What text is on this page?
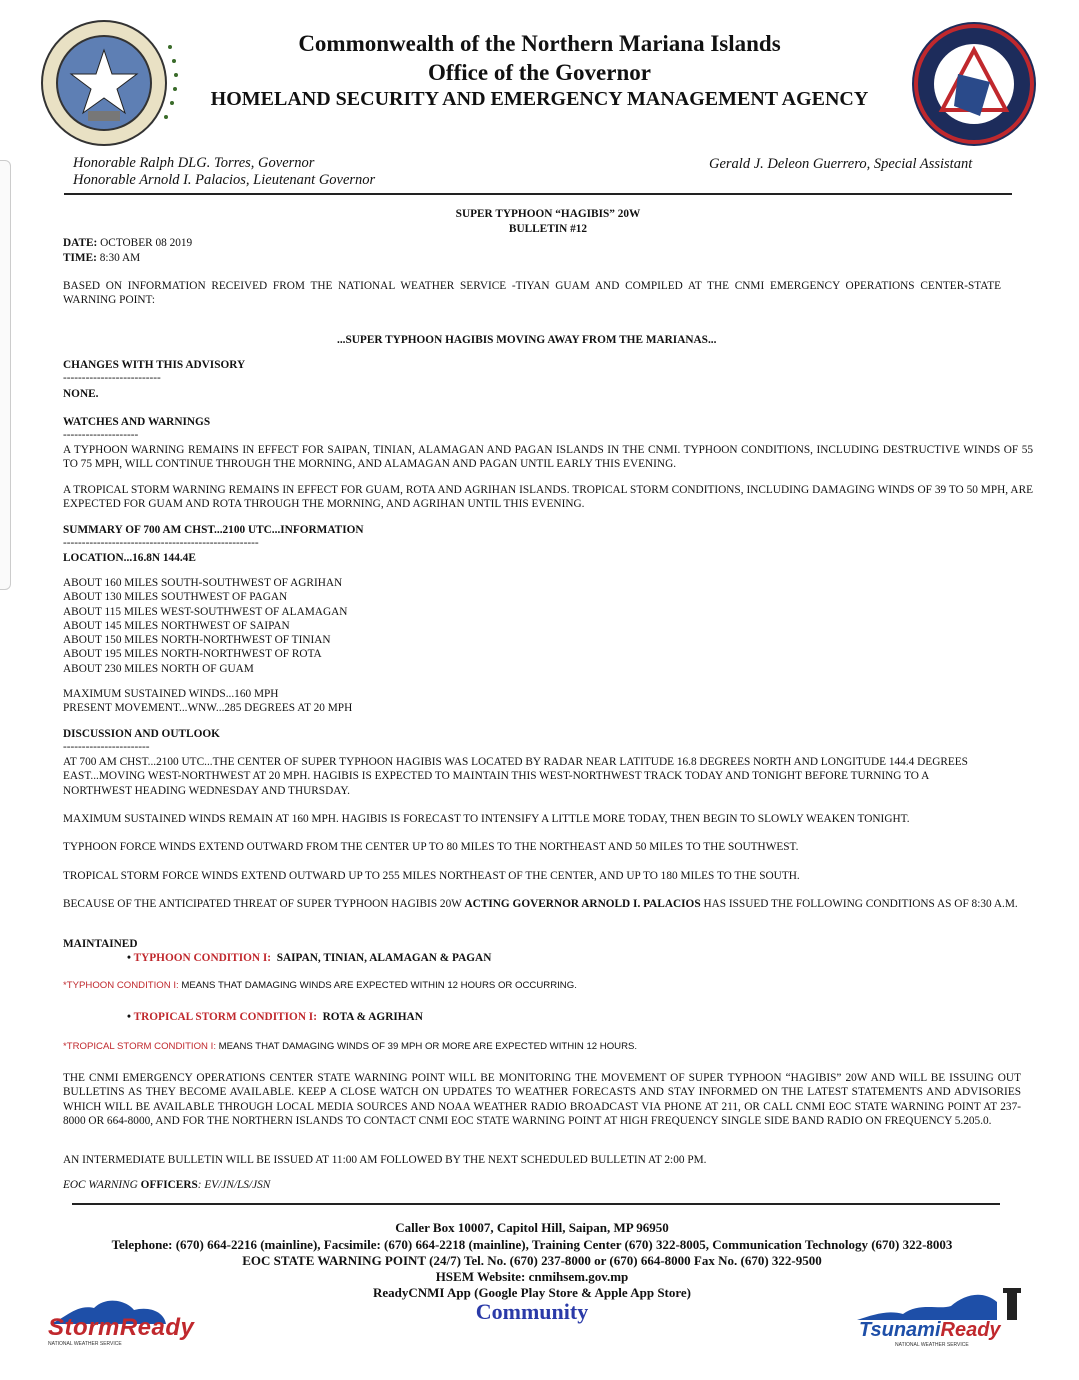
Commonwealth of the Northern Mariana Islands
Office of the Governor
HOMELAND SECURITY AND EMERGENCY MANAGEMENT AGENCY
Honorable Ralph DLG. Torres, Governor
Honorable Arnold I. Palacios, Lieutenant Governor
Gerald J. Deleon Guerrero, Special Assistant
SUPER TYPHOON “HAGIBIS” 20W
BULLETIN #12
DATE: OCTOBER 08 2019
TIME: 8:30 AM
BASED ON INFORMATION RECEIVED FROM THE NATIONAL WEATHER SERVICE -TIYAN GUAM AND COMPILED AT THE CNMI EMERGENCY OPERATIONS CENTER-STATE WARNING POINT:
...SUPER TYPHOON HAGIBIS MOVING AWAY FROM THE MARIANAS...
CHANGES WITH THIS ADVISORY
--------------------------
NONE.
WATCHES AND WARNINGS
--------------------
A TYPHOON WARNING REMAINS IN EFFECT FOR SAIPAN, TINIAN, ALAMAGAN AND PAGAN ISLANDS IN THE CNMI. TYPHOON CONDITIONS, INCLUDING DESTRUCTIVE WINDS OF 55 TO 75 MPH, WILL CONTINUE THROUGH THE MORNING, AND ALAMAGAN AND PAGAN UNTIL EARLY THIS EVENING.
A TROPICAL STORM WARNING REMAINS IN EFFECT FOR GUAM, ROTA AND AGRIHAN ISLANDS. TROPICAL STORM CONDITIONS, INCLUDING DAMAGING WINDS OF 39 TO 50 MPH, ARE EXPECTED FOR GUAM AND ROTA THROUGH THE MORNING, AND AGRIHAN UNTIL THIS EVENING.
SUMMARY OF 700 AM CHST...2100 UTC...INFORMATION
----------------------------------------------------
LOCATION...16.8N 144.4E
ABOUT 160 MILES SOUTH-SOUTHWEST OF AGRIHAN
ABOUT 130 MILES SOUTHWEST OF PAGAN
ABOUT 115 MILES WEST-SOUTHWEST OF ALAMAGAN
ABOUT 145 MILES NORTHWEST OF SAIPAN
ABOUT 150 MILES NORTH-NORTHWEST OF TINIAN
ABOUT 195 MILES NORTH-NORTHWEST OF ROTA
ABOUT 230 MILES NORTH OF GUAM
MAXIMUM SUSTAINED WINDS...160 MPH
PRESENT MOVEMENT...WNW...285 DEGREES AT 20 MPH
DISCUSSION AND OUTLOOK
-----------------------
AT 700 AM CHST...2100 UTC...THE CENTER OF SUPER TYPHOON HAGIBIS WAS LOCATED BY RADAR NEAR LATITUDE 16.8 DEGREES NORTH AND LONGITUDE 144.4 DEGREES EAST...MOVING WEST-NORTHWEST AT 20 MPH. HAGIBIS IS EXPECTED TO MAINTAIN THIS WEST-NORTHWEST TRACK TODAY AND TONIGHT BEFORE TURNING TO A NORTHWEST HEADING WEDNESDAY AND THURSDAY.
MAXIMUM SUSTAINED WINDS REMAIN AT 160 MPH. HAGIBIS IS FORECAST TO INTENSIFY A LITTLE MORE TODAY, THEN BEGIN TO SLOWLY WEAKEN TONIGHT.
TYPHOON FORCE WINDS EXTEND OUTWARD FROM THE CENTER UP TO 80 MILES TO THE NORTHEAST AND 50 MILES TO THE SOUTHWEST.
TROPICAL STORM FORCE WINDS EXTEND OUTWARD UP TO 255 MILES NORTHEAST OF THE CENTER, AND UP TO 180 MILES TO THE SOUTH.
BECAUSE OF THE ANTICIPATED THREAT OF SUPER TYPHOON HAGIBIS 20W ACTING GOVERNOR ARNOLD I. PALACIOS HAS ISSUED THE FOLLOWING CONDITIONS AS OF 8:30 A.M.
MAINTAINED
• TYPHOON CONDITION I: SAIPAN, TINIAN, ALAMAGAN & PAGAN
*TYPHOON CONDITION I: MEANS THAT DAMAGING WINDS ARE EXPECTED WITHIN 12 HOURS OR OCCURRING.
• TROPICAL STORM CONDITION I: ROTA & AGRIHAN
*TROPICAL STORM CONDITION I: MEANS THAT DAMAGING WINDS OF 39 MPH OR MORE ARE EXPECTED WITHIN 12 HOURS.
THE CNMI EMERGENCY OPERATIONS CENTER STATE WARNING POINT WILL BE MONITORING THE MOVEMENT OF SUPER TYPHOON “HAGIBIS” 20W AND WILL BE ISSUING OUT BULLETINS AS THEY BECOME AVAILABLE. KEEP A CLOSE WATCH ON UPDATES TO WEATHER FORECASTS AND STAY INFORMED ON THE LATEST STATEMENTS AND ADVISORIES WHICH WILL BE AVAILABLE THROUGH LOCAL MEDIA SOURCES AND NOAA WEATHER RADIO BROADCAST VIA PHONE AT 211, OR CALL CNMI EOC STATE WARNING POINT AT 237-8000 OR 664-8000, AND FOR THE NORTHERN ISLANDS TO CONTACT CNMI EOC STATE WARNING POINT AT HIGH FREQUENCY SINGLE SIDE BAND RADIO ON FREQUENCY 5.205.0.
AN INTERMEDIATE BULLETIN WILL BE ISSUED AT 11:00 AM FOLLOWED BY THE NEXT SCHEDULED BULLETIN AT 2:00 PM.
EOC WARNING OFFICERS: EV/JN/LS/JSN
Caller Box 10007, Capitol Hill, Saipan, MP 96950
Telephone: (670) 664-2216 (mainline), Facsimile: (670) 664-2218 (mainline), Training Center (670) 322-8005, Communication Technology (670) 322-8003
EOC STATE WARNING POINT (24/7) Tel. No. (670) 237-8000 or (670) 664-8000 Fax No. (670) 322-9500
HSEM Website: cnmihsem.gov.mp
ReadyCNMI App (Google Play Store & Apple App Store)
Community
StormReady
NATIONAL WEATHER SERVICE
TsunamiReady
NATIONAL WEATHER SERVICE
